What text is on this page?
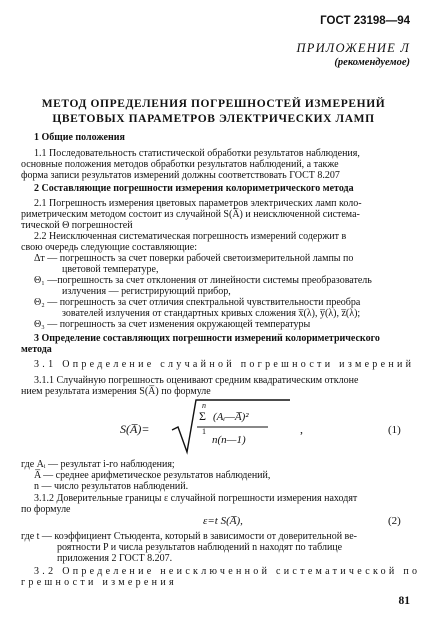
ГОСТ 23198—94
ПРИЛОЖЕНИЕ Л
(рекомендуемое)
МЕТОД ОПРЕДЕЛЕНИЯ ПОГРЕШНОСТЕЙ ИЗМЕРЕНИЙ
ЦВЕТОВЫХ ПАРАМЕТРОВ ЭЛЕКТРИЧЕСКИХ ЛАМП
1 Общие положения
1.1 Последовательность статистической обработки результатов наблюдения,
основные положения методов обработки результатов наблюдений, а также
форма записи результатов измерений должны соответствовать ГОСТ 8.207
2 Составляющие погрешности измерения колориметрического метода
2.1 Погрешность измерения цветовых параметров электрических ламп коло-
риметрическим методом состоит из случайной S(A̅) и неисключенной система-
тической Θ погрешностей
2.2 Неисключенная систематическая погрешность измерений содержит в
свою очередь следующие составляющие:
Δт — погрешность за счет поверки рабочей светоизмерительной лампы по
цветовой температуре,
Θ₁ —погрешность за счет отклонения от линейности системы преобразователь
излучения — регистрирующий прибор,
Θ₂ — погрешность за счет отличия спектральной чувствительности преобра
зователей излучения от стандартных кривых сложения x̅(λ), y̅(λ), z̅(λ);
Θ₃ — погрешность за счет изменения окружающей температуры
3 Определение составляющих погрешности измерений колориметрического
метода
3.1 Определение случайной погрешности измерений
3.1.1 Случайную погрешность оценивают средним квадратическим отклоне
нием результата измерения S(A̅) по формуле
S(A̅)=
n
Σ (Aᵢ—A̅)²
1
n(n—1)
,	(1)
где Aᵢ — результат i-го наблюдения;
A̅ — среднее арифметическое результатов наблюдений,
n — число результатов наблюдений.
3.1.2 Доверительные границы ε случайной погрешности измерения находят
по формуле
ε=t S(A̅),	(2)
где t — коэффициент Стьюдента, который в зависимости от доверительной ве-
роятности P и числа результатов наблюдений n находят по таблице
приложения 2 ГОСТ 8.207.
3.2 Определение неисключенной систематической по
грешности измерения
81
